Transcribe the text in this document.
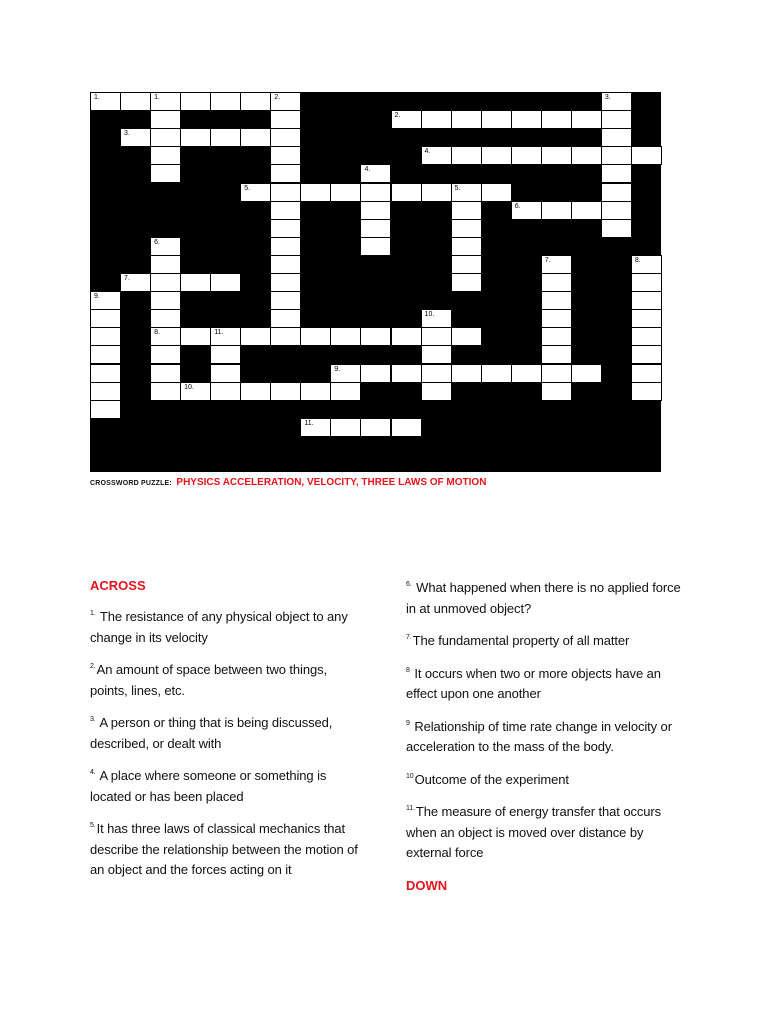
1.	1.	2.
2.
3.
4.
5.	5.
6.
7.
8.	11.
9.
10.
11.
3.
4.
6.
7.	8.
9.
10.
CROSSWORD PUZZLE: PHYSICS ACCELERATION, VELOCITY, THREE LAWS OF MOTION
ACROSS

$^{1.}$ The resistance of any physical object to any change in its velocity

$^{2.}$An amount of space between two things, points, lines, etc.

$^{3.}$ A person or thing that is being discussed, described, or dealt with

$^{4.}$ A place where someone or something is located or has been placed

$^{5.}$It has three laws of classical mechanics that describe the relationship between the motion of an object and the forces acting on it

$^{6.}$ What happened when there is no applied force in at unmoved object?

$^{7.}$The fundamental property of all matter

$^8$ It occurs when two or more objects have an effect upon one another

$^9$ Relationship of time rate change in velocity or acceleration to the mass of the body.

$^{10}$Outcome of the experiment

$^{11.}$The measure of energy transfer that occurs when an object is moved over distance by external force

DOWN
